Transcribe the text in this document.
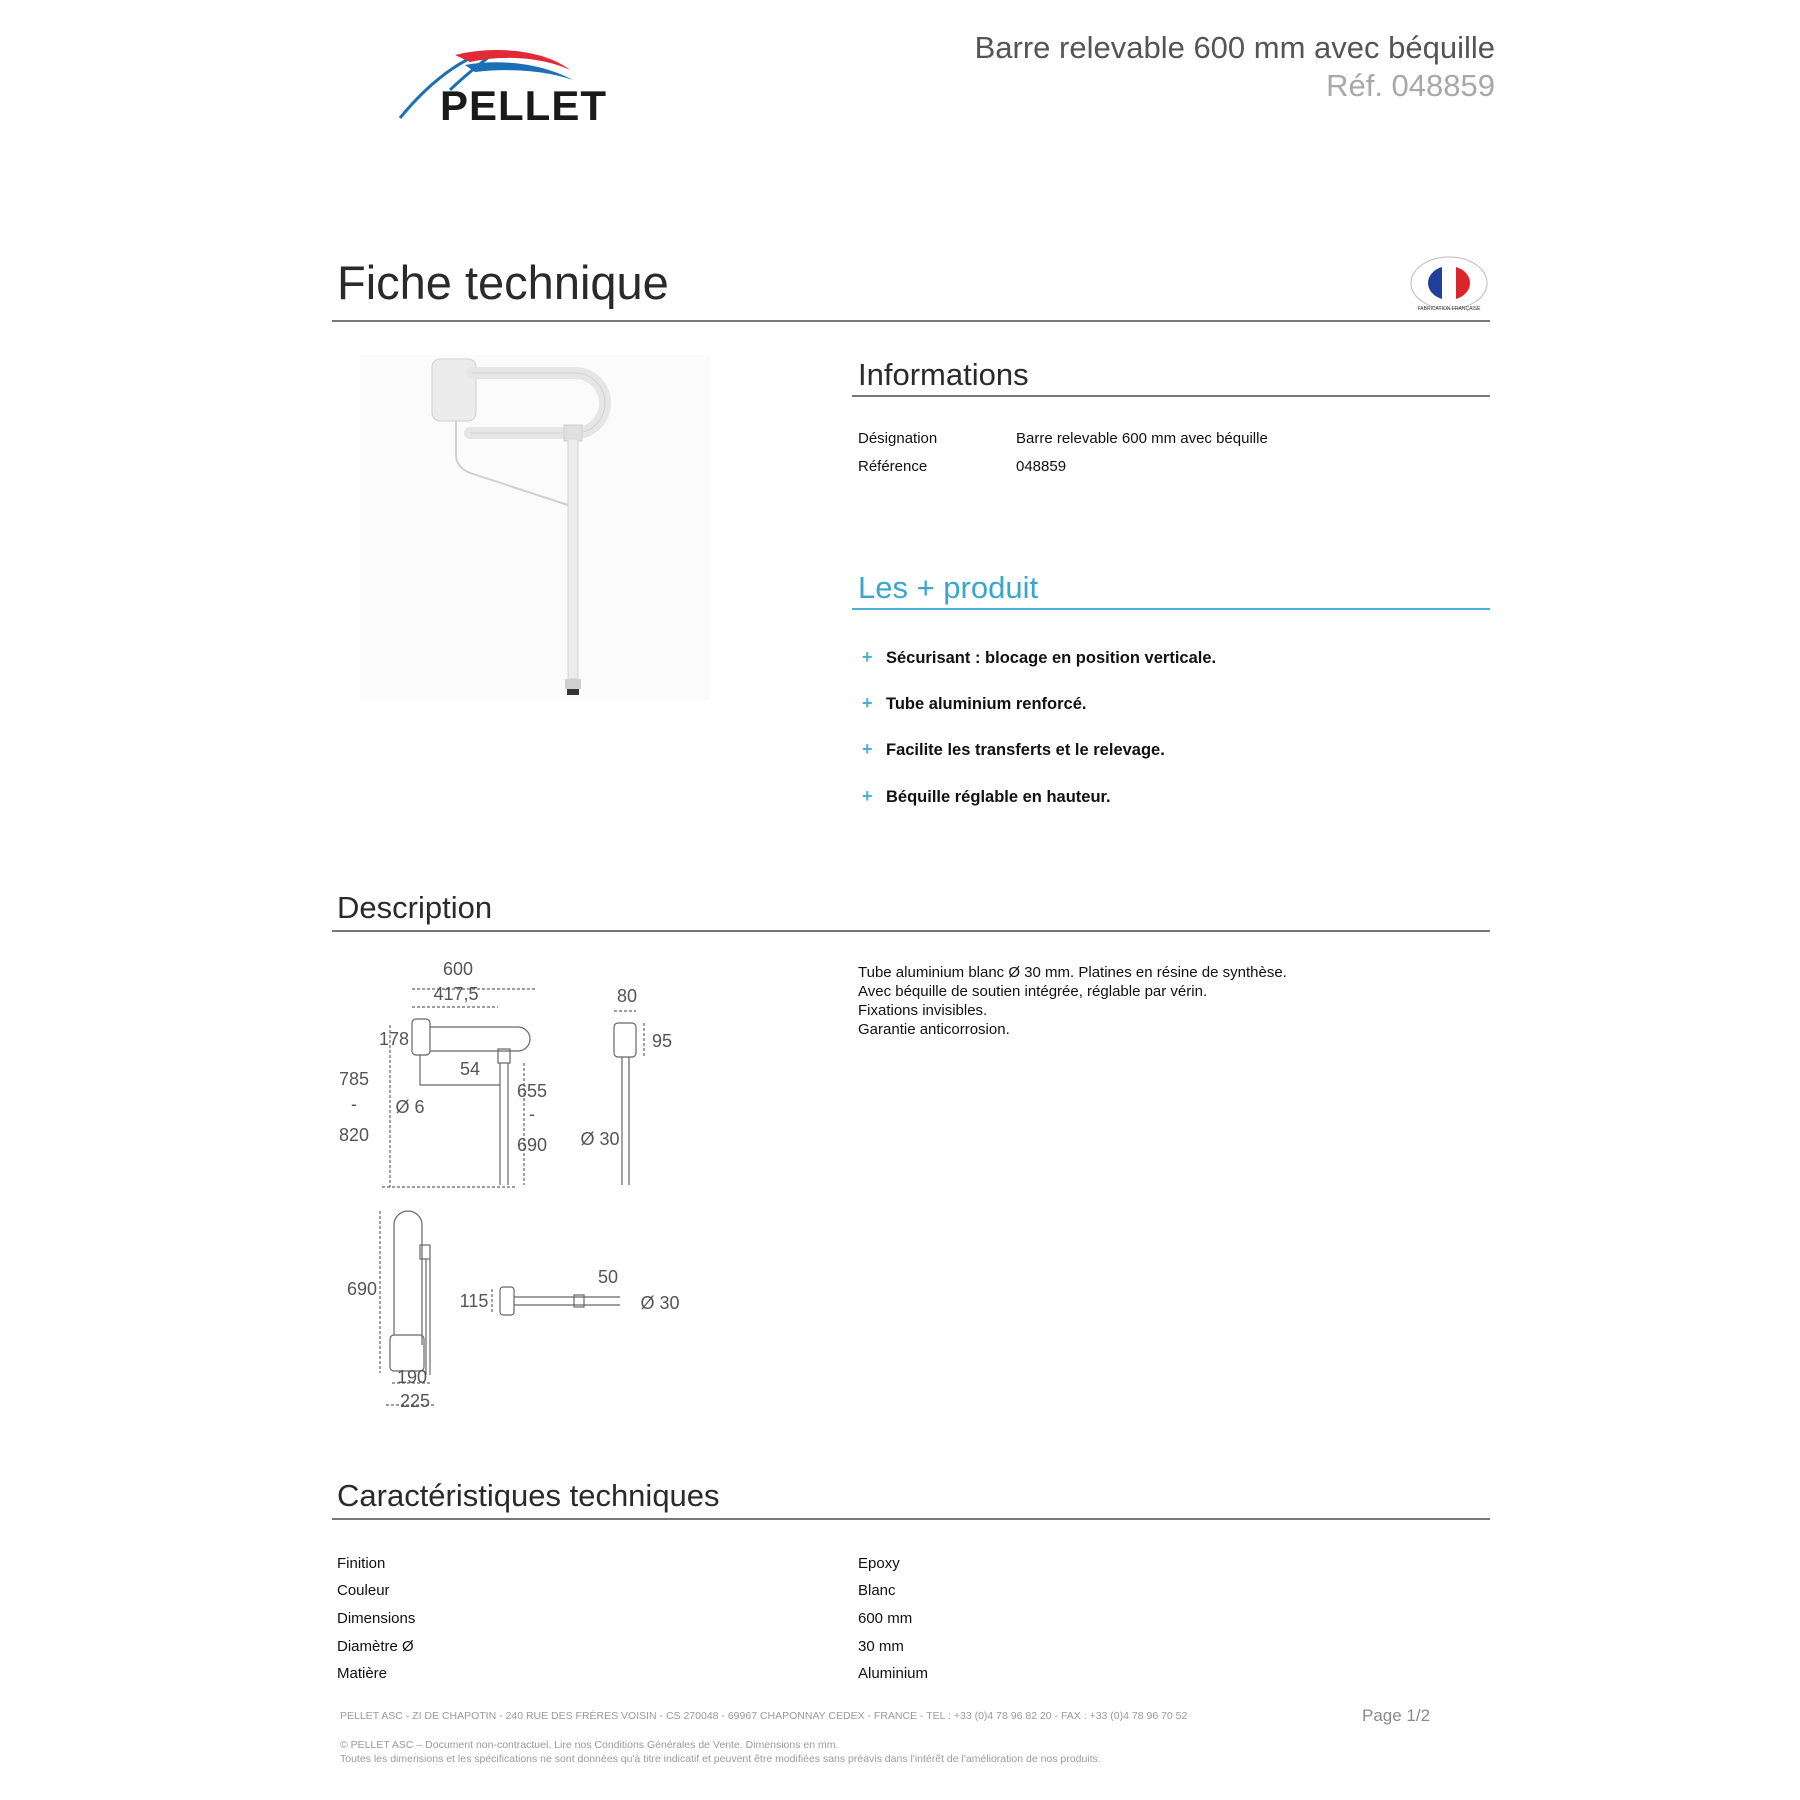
PELLET
Barre relevable 600 mm avec béquille
Réf. 048859
Fiche technique	FABRICATION FRANÇAISE
Informations
Désignation	Barre relevable 600 mm avec béquille
Référence	048859
Les + produit
+ Sécurisant : blocage en position verticale.
+ Tube aluminium renforcé.
+ Facilite les transferts et le relevage.
+ Béquille réglable en hauteur.
Description
600
417,5
178
54
785
-
820
Ø 6
655
-
690
80
95
Ø 30
690
190
225
115
50
Ø 30
Tube aluminium blanc Ø 30 mm. Platines en résine de synthèse.
Avec béquille de soutien intégrée, réglable par vérin.
Fixations invisibles.
Garantie anticorrosion.
Caractéristiques techniques
Finition	Epoxy
Couleur	Blanc
Dimensions	600 mm
Diamètre Ø	30 mm
Matière	Aluminium
PELLET ASC - ZI DE CHAPOTIN - 240 RUE DES FRÈRES VOISIN - CS 270048 - 69967 CHAPONNAY CEDEX - FRANCE - TEL : +33 (0)4 78 96 82 20 - FAX : +33 (0)4 78 96 70 52	Page 1/2
© PELLET ASC – Document non-contractuel. Lire nos Conditions Générales de Vente. Dimensions en mm.
Toutes les dimensions et les spécifications ne sont données qu'à titre indicatif et peuvent être modifiées sans préavis dans l'intérêt de l'amélioration de nos produits.
